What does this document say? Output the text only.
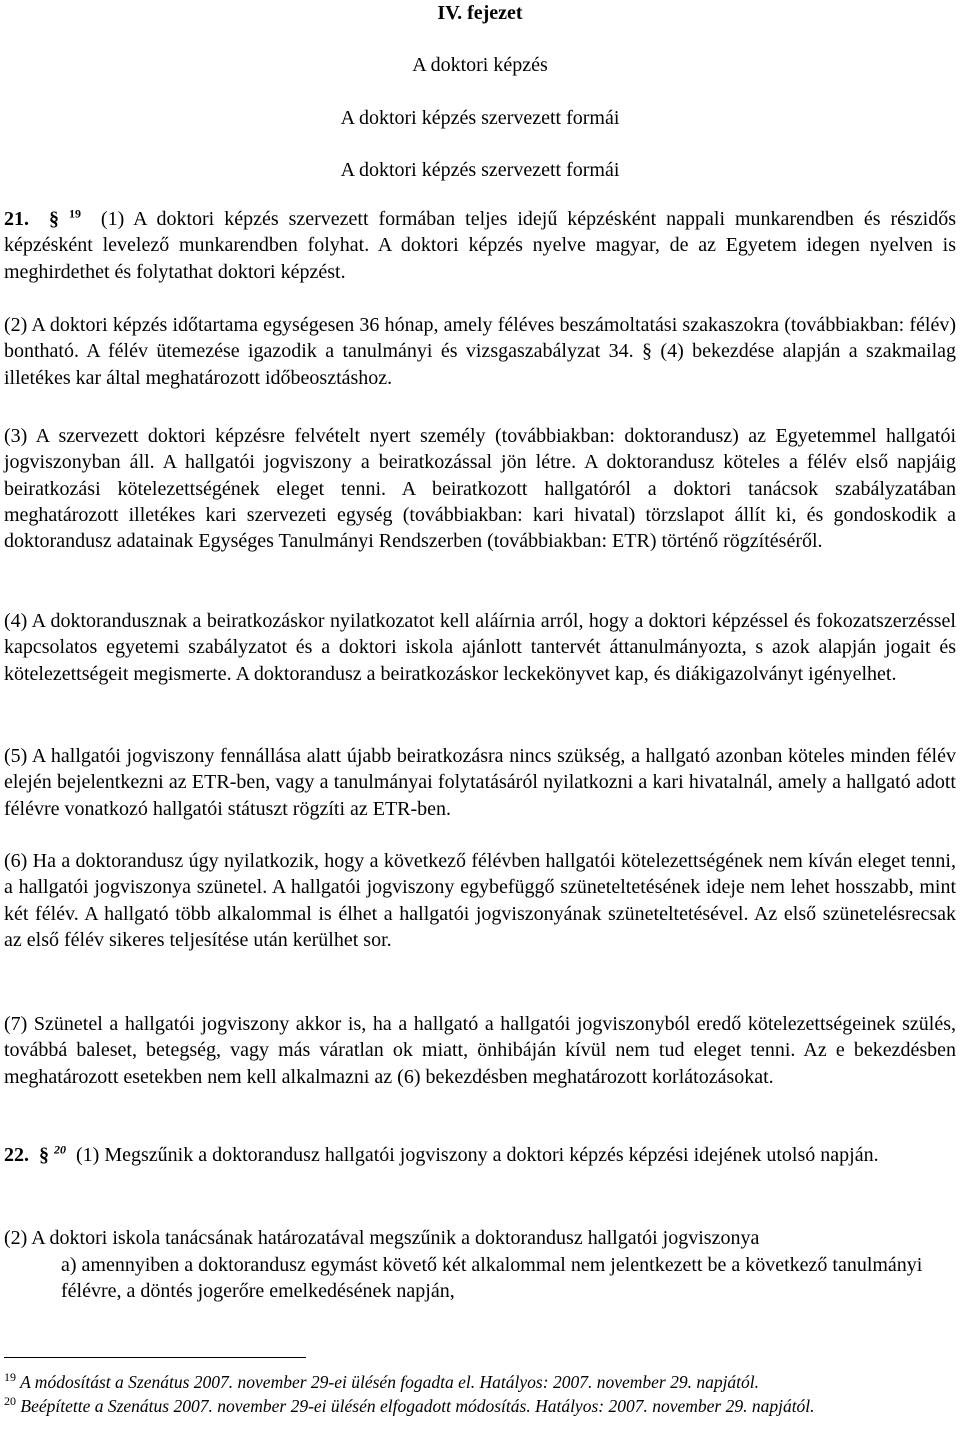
IV. fejezet
A doktori képzés
A doktori képzés szervezett formái
A doktori képzés szervezett formái
21. § $^{19}$ (1) A doktori képzés szervezett formában teljes idejű képzésként nappali munkarendben és részidős képzésként levelező munkarendben folyhat. A doktori képzés nyelve magyar, de az Egyetem idegen nyelven is meghirdethet és folytathat doktori képzést.
(2) A doktori képzés időtartama egységesen 36 hónap, amely féléves beszámoltatási szakaszokra (továbbiakban: félév) bontható. A félév ütemezése igazodik a tanulmányi és vizsgaszabályzat 34. § (4) bekezdése alapján a szakmailag illetékes kar által meghatározott időbeosztáshoz.
(3) A szervezett doktori képzésre felvételt nyert személy (továbbiakban: doktorandusz) az Egyetemmel hallgatói jogviszonyban áll. A hallgatói jogviszony a beiratkozással jön létre. A doktorandusz köteles a félév első napjáig beiratkozási kötelezettségének eleget tenni. A beiratkozott hallgatóról a doktori tanácsok szabályzatában meghatározott illetékes kari szervezeti egység (továbbiakban: kari hivatal) törzslapot állít ki, és gondoskodik a doktorandusz adatainak Egységes Tanulmányi Rendszerben (továbbiakban: ETR) történő rögzítéséről.
(4) A doktorandusznak a beiratkozáskor nyilatkozatot kell aláírnia arról, hogy a doktori képzéssel és fokozatszerzéssel kapcsolatos egyetemi szabályzatot és a doktori iskola ajánlott tantervét áttanulmányozta, s azok alapján jogait és kötelezettségeit megismerte. A doktorandusz a beiratkozáskor leckekönyvet kap, és diákigazolványt igényelhet.
(5) A hallgatói jogviszony fennállása alatt újabb beiratkozásra nincs szükség, a hallgató azonban köteles minden félév elején bejelentkezni az ETR-ben, vagy a tanulmányai folytatásáról nyilatkozni a kari hivatalnál, amely a hallgató adott félévre vonatkozó hallgatói státuszt rögzíti az ETR-ben.
(6) Ha a doktorandusz úgy nyilatkozik, hogy a következő félévben hallgatói kötelezettségének nem kíván eleget tenni, a hallgatói jogviszonya szünetel. A hallgatói jogviszony egybefüggő szüneteltetésének ideje nem lehet hosszabb, mint két félév. A hallgató több alkalommal is élhet a hallgatói jogviszonyának szüneteltetésével. Az első szünetelésrecsak az első félév sikeres teljesítése után kerülhet sor.
(7) Szünetel a hallgatói jogviszony akkor is, ha a hallgató a hallgatói jogviszonyból eredő kötelezettségeinek szülés, továbbá baleset, betegség, vagy más váratlan ok miatt, önhibáján kívül nem tud eleget tenni. Az e bekezdésben meghatározott esetekben nem kell alkalmazni az (6) bekezdésben meghatározott korlátozásokat.
22. § $^{20}$ (1) Megszűnik a doktorandusz hallgatói jogviszony a doktori képzés képzési idejének utolsó napján.
(2) A doktori iskola tanácsának határozatával megszűnik a doktorandusz hallgatói jogviszonya
a) amennyiben a doktorandusz egymást követő két alkalommal nem jelentkezett be a következő tanulmányi félévre, a döntés jogerőre emelkedésének napján,
$^{19}$ A módosítást a Szenátus 2007. november 29-ei ülésén fogadta el. Hatályos: 2007. november 29. napjától.
$^{20}$ Beépítette a Szenátus 2007. november 29-ei ülésén elfogadott módosítás. Hatályos: 2007. november 29. napjától.
